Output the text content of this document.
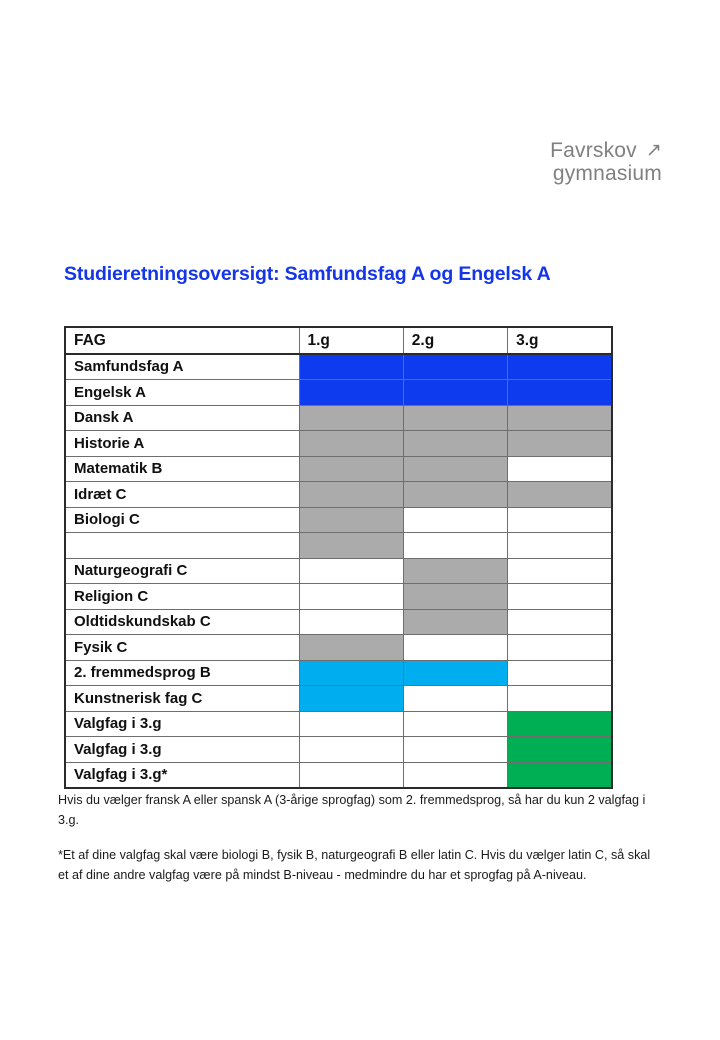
Favrskov ↗
gymnasium
Studieretningsoversigt: Samfundsfag A og Engelsk A
FAG	1.g	2.g	3.g
Samfundsfag A			
Engelsk A			
Dansk A			
Historie A			
Matematik B			
Idræt C			
Biologi C			

Naturgeografi C			
Religion C			
Oldtidskundskab C			
Fysik C			
2. fremmedsprog B			
Kunstnerisk fag C			
Valgfag i 3.g			
Valgfag i 3.g			
Valgfag i 3.g*			

Hvis du vælger fransk A eller spansk A (3-årige sprogfag) som 2. fremmedsprog, så har du kun 2 valgfag i 3.g.

*Et af dine valgfag skal være biologi B, fysik B, naturgeografi B eller latin C. Hvis du vælger latin C, så skal et af dine andre valgfag være på mindst B-niveau - medmindre du har et sprogfag på A-niveau.
